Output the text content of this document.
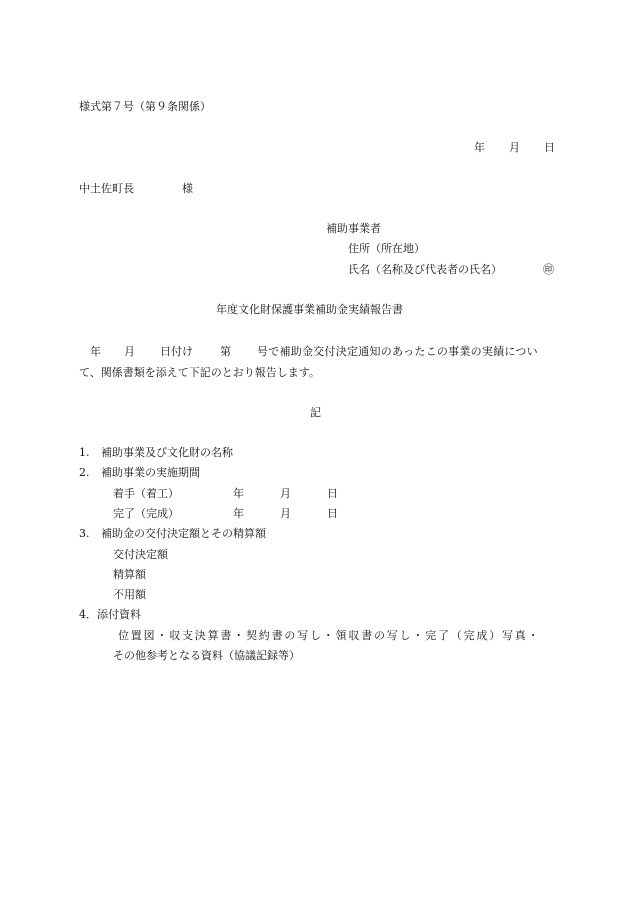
様式第７号（第９条関係）
年 月 日
中土佐町長	様
補助事業者
住所（所在地）
氏名（名称及び代表者の氏名）	㊞
年度文化財保護事業補助金実績報告書
年 月 日付け 第 号で補助金交付決定通知のあったこの事業の実績につい
て、関係書類を添えて下記のとおり報告します。
記
1. 補助事業及び文化財の名称
2. 補助事業の実施期間
着手（着工）	年	月	日
完了（完成）	年	月	日
3. 補助金の交付決定額とその精算額
交付決定額
精算額
不用額
4．添付資料
位置図・収支決算書・契約書の写し・領収書の写し・完了（完成）写真・
その他参考となる資料（協議記録等）
